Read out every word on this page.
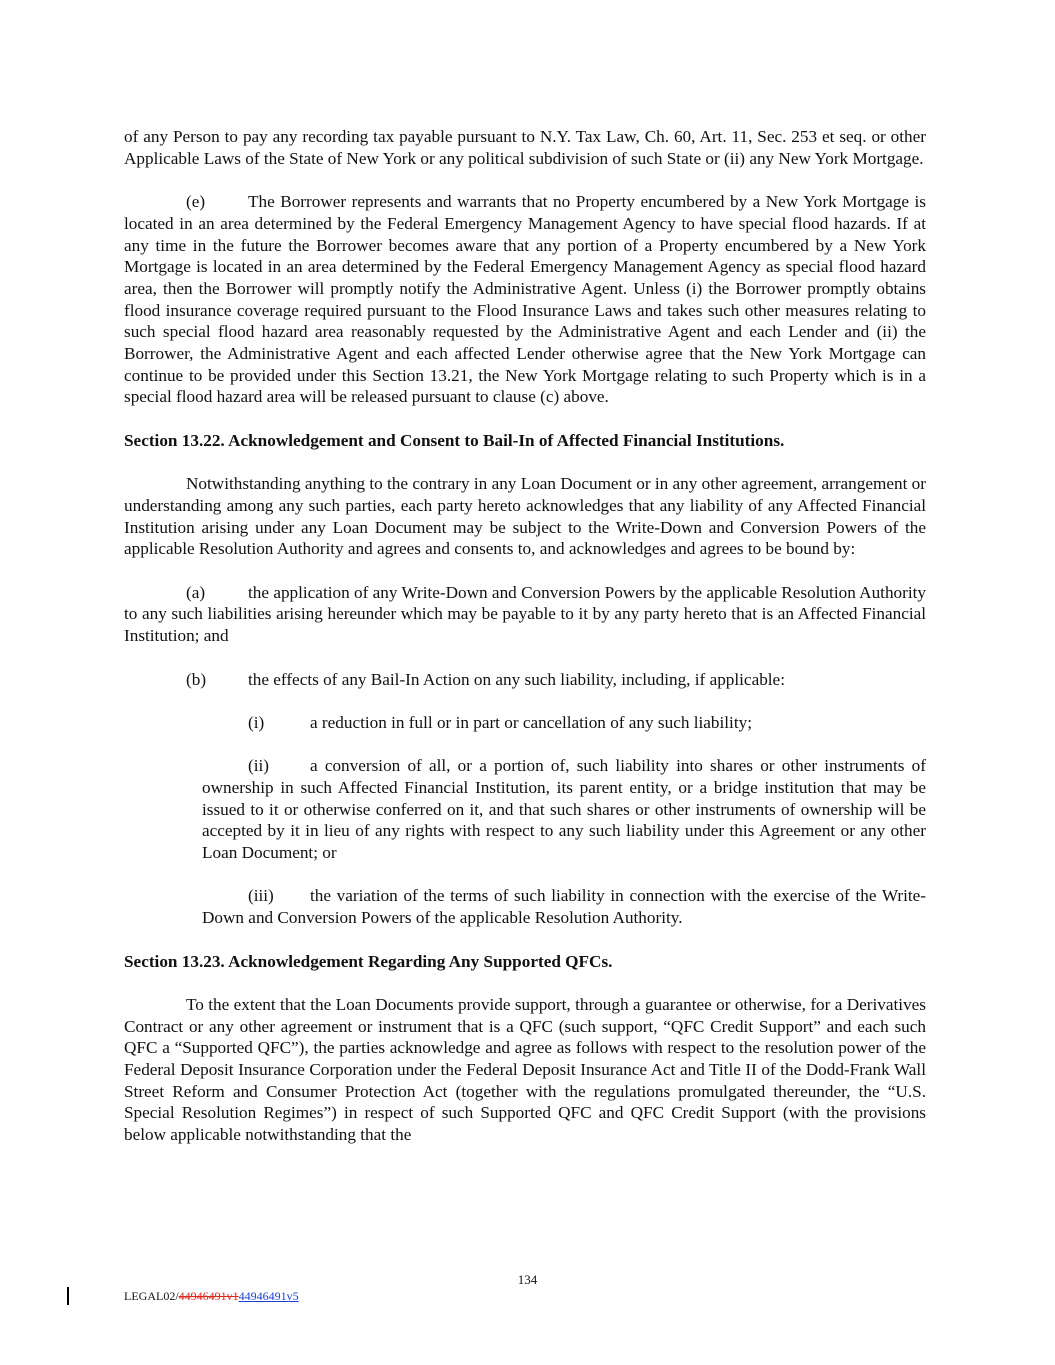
of any Person to pay any recording tax payable pursuant to N.Y. Tax Law, Ch. 60, Art. 11, Sec. 253 et seq. or other Applicable Laws of the State of New York or any political subdivision of such State or (ii) any New York Mortgage.

(e) The Borrower represents and warrants that no Property encumbered by a New York Mortgage is located in an area determined by the Federal Emergency Management Agency to have special flood hazards. If at any time in the future the Borrower becomes aware that any portion of a Property encumbered by a New York Mortgage is located in an area determined by the Federal Emergency Management Agency as special flood hazard area, then the Borrower will promptly notify the Administrative Agent. Unless (i) the Borrower promptly obtains flood insurance coverage required pursuant to the Flood Insurance Laws and takes such other measures relating to such special flood hazard area reasonably requested by the Administrative Agent and each Lender and (ii) the Borrower, the Administrative Agent and each affected Lender otherwise agree that the New York Mortgage can continue to be provided under this Section 13.21, the New York Mortgage relating to such Property which is in a special flood hazard area will be released pursuant to clause (c) above.

Section 13.22. Acknowledgement and Consent to Bail-In of Affected Financial Institutions.

Notwithstanding anything to the contrary in any Loan Document or in any other agreement, arrangement or understanding among any such parties, each party hereto acknowledges that any liability of any Affected Financial Institution arising under any Loan Document may be subject to the Write-Down and Conversion Powers of the applicable Resolution Authority and agrees and consents to, and acknowledges and agrees to be bound by:

(a) the application of any Write-Down and Conversion Powers by the applicable Resolution Authority to any such liabilities arising hereunder which may be payable to it by any party hereto that is an Affected Financial Institution; and

(b) the effects of any Bail-In Action on any such liability, including, if applicable:

(i)	a reduction in full or in part or cancellation of any such liability;

(ii) a conversion of all, or a portion of, such liability into shares or other instruments of ownership in such Affected Financial Institution, its parent entity, or a bridge institution that may be issued to it or otherwise conferred on it, and that such shares or other instruments of ownership will be accepted by it in lieu of any rights with respect to any such liability under this Agreement or any other Loan Document; or

(iii) the variation of the terms of such liability in connection with the exercise of the Write-Down and Conversion Powers of the applicable Resolution Authority.

Section 13.23. Acknowledgement Regarding Any Supported QFCs.

To the extent that the Loan Documents provide support, through a guarantee or otherwise, for a Derivatives Contract or any other agreement or instrument that is a QFC (such support, “QFC Credit Support” and each such QFC a “Supported QFC”), the parties acknowledge and agree as follows with respect to the resolution power of the Federal Deposit Insurance Corporation under the Federal Deposit Insurance Act and Title II of the Dodd-Frank Wall Street Reform and Consumer Protection Act (together with the regulations promulgated thereunder, the “U.S. Special Resolution Regimes”) in respect of such Supported QFC and QFC Credit Support (with the provisions below applicable notwithstanding that the

134
LEGAL02/44946491v144946491v5
